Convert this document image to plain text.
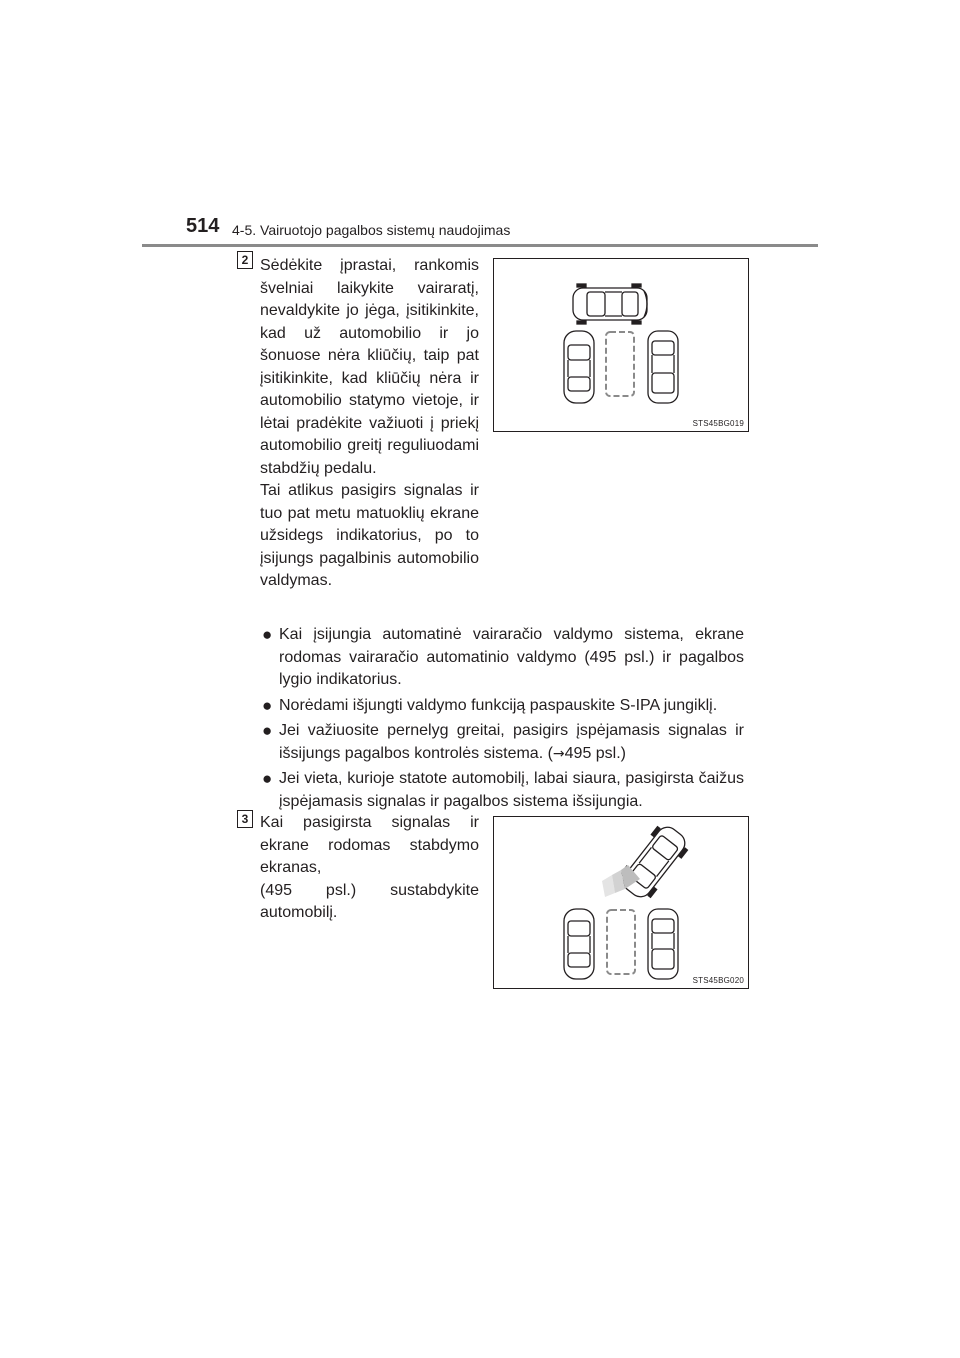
514 4-5. Vairuotojo pagalbos sistemų naudojimas
2 Sėdėkite įprastai, rankomis švelniai laikykite vairaratį, nevaldykite jo jėga, įsitikinkite, kad už automobilio ir jo šonuose nėra kliūčių, taip pat įsitikinkite, kad kliūčių nėra ir automobilio statymo vietoje, ir lėtai pradėkite važiuoti į priekį automobilio greitį reguliuodami stabdžių pedalu.
Tai atlikus pasigirs signalas ir tuo pat metu matuoklių ekrane užsidegs indikatorius, po to įsijungs pagalbinis automobilio valdymas.
STS45BG019
● Kai įsijungia automatinė vairaračio valdymo sistema, ekrane rodomas vairaračio automatinio valdymo (495 psl.) ir pagalbos lygio indikatorius.
● Norėdami išjungti valdymo funkciją paspauskite S-IPA jungiklį.
● Jei važiuosite pernelyg greitai, pasigirs įspėjamasis signalas ir išsijungs pagalbos kontrolės sistema. (→495 psl.)
● Jei vieta, kurioje statote automobilį, labai siaura, pasigirsta čaižus įspėjamasis signalas ir pagalbos sistema išsijungia.
3 Kai pasigirsta signalas ir ekrane rodomas stabdymo ekranas,
(495 psl.) sustabdykite automobilį.
STS45BG020
